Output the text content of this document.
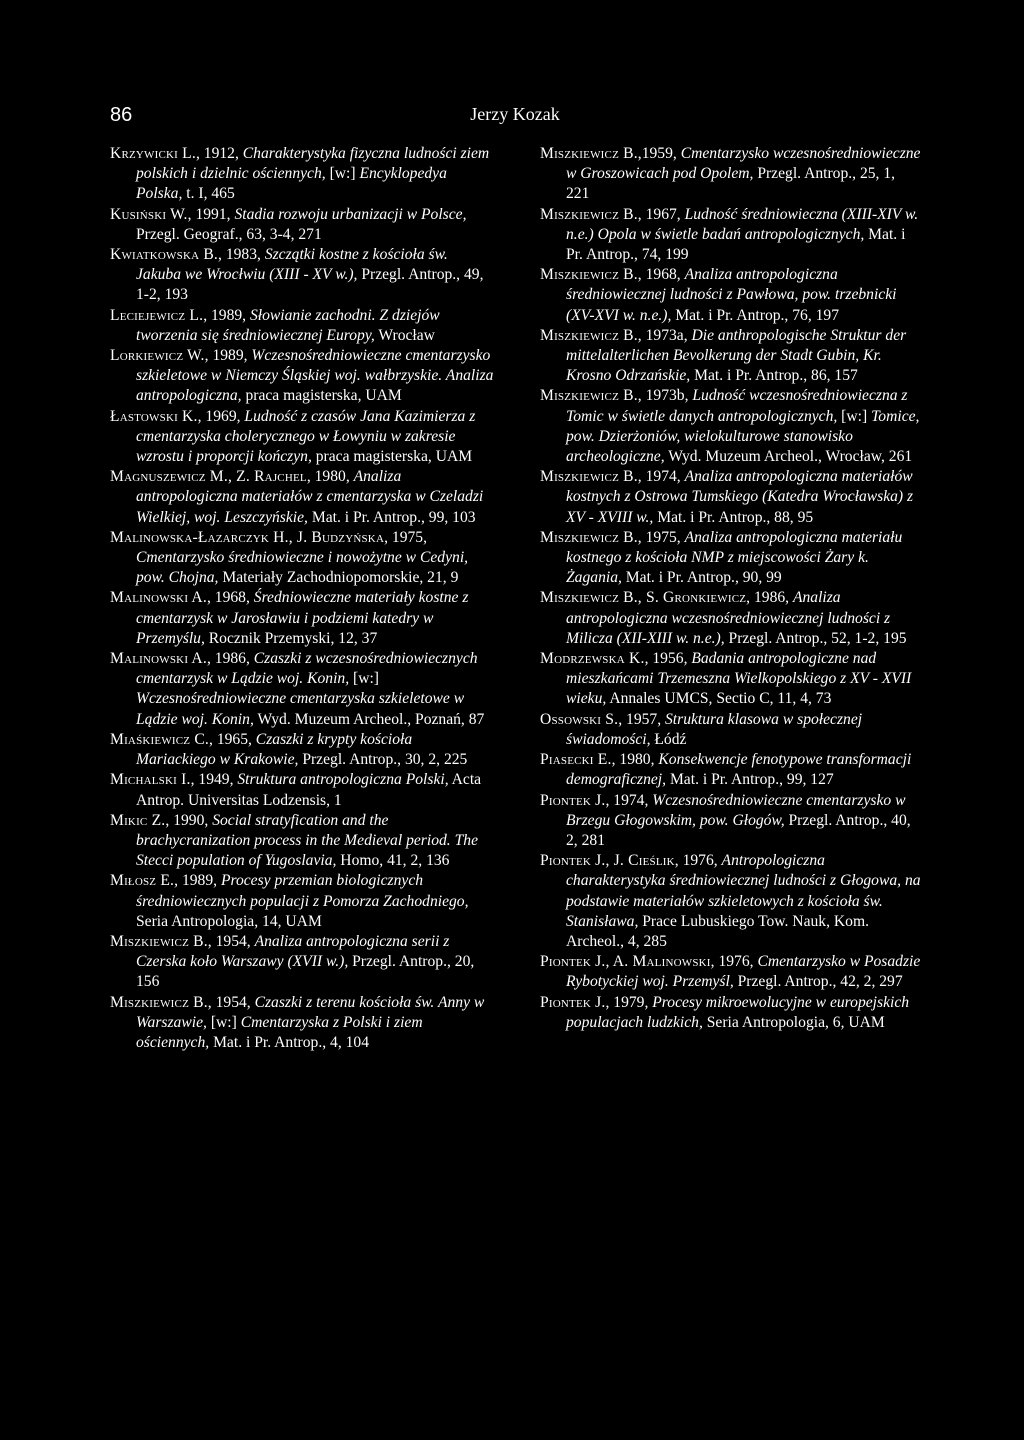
86	Jerzy Kozak

Krzywicki L., 1912, Charakterystyka fizyczna ludności ziem polskich i dzielnic ościennych, [w:] Encyklopedya Polska, t. I, 465

Kusiński W., 1991, Stadia rozwoju urbanizacji w Polsce, Przegl. Geograf., 63, 3-4, 271

Kwiatkowska B., 1983, Szczątki kostne z kościoła św. Jakuba we Wrocłwiu (XIII - XV w.), Przegl. Antrop., 49, 1-2, 193

Leciejewicz L., 1989, Słowianie zachodni. Z dziejów tworzenia się średniowiecznej Europy, Wrocław

Lorkiewicz W., 1989, Wczesnośredniowieczne cmentarzysko szkieletowe w Niemczy Śląskiej woj. wałbrzyskie. Analiza antropologiczna, praca magisterska, UAM

Łastowski K., 1969, Ludność z czasów Jana Kazimierza z cmentarzyska cholerycznego w Łowyniu w zakresie wzrostu i proporcji kończyn, praca magisterska, UAM

Magnuszewicz M., Z. Rajchel, 1980, Analiza antropologiczna materiałów z cmentarzyska w Czeladzi Wielkiej, woj. Leszczyńskie, Mat. i Pr. Antrop., 99, 103

Malinowska-Łazarczyk H., J. Budzyńska, 1975, Cmentarzysko średniowieczne i nowożytne w Cedyni, pow. Chojna, Materiały Zachodniopomorskie, 21, 9

Malinowski A., 1968, Średniowieczne materiały kostne z cmentarzysk w Jarosławiu i podziemi katedry w Przemyślu, Rocznik Przemyski, 12, 37

Malinowski A., 1986, Czaszki z wczesnośredniowiecznych cmentarzysk w Lądzie woj. Konin, [w:] Wczesnośredniowieczne cmentarzyska szkieletowe w Lądzie woj. Konin, Wyd. Muzeum Archeol., Poznań, 87

Miaśkiewicz C., 1965, Czaszki z krypty kościoła Mariackiego w Krakowie, Przegl. Antrop., 30, 2, 225

Michalski I., 1949, Struktura antropologiczna Polski, Acta Antrop. Universitas Lodzensis, 1

Mikic Z., 1990, Social stratyfication and the brachycranization process in the Medieval period. The Stecci population of Yugoslavia, Homo, 41, 2, 136

Miłosz E., 1989, Procesy przemian biologicznych średniowiecznych populacji z Pomorza Zachodniego, Seria Antropologia, 14, UAM

Miszkiewicz B., 1954, Analiza antropologiczna serii z Czerska koło Warszawy (XVII w.), Przegl. Antrop., 20, 156

Miszkiewicz B., 1954, Czaszki z terenu kościoła św. Anny w Warszawie, [w:] Cmentarzyska z Polski i ziem ościennych, Mat. i Pr. Antrop., 4, 104

Miszkiewicz B.,1959, Cmentarzysko wczesnośredniowieczne w Groszowicach pod Opolem, Przegl. Antrop., 25, 1, 221

Miszkiewicz B., 1967, Ludność średniowieczna (XIII-XIV w. n.e.) Opola w świetle badań antropologicznych, Mat. i Pr. Antrop., 74, 199

Miszkiewicz B., 1968, Analiza antropologiczna średniowiecznej ludności z Pawłowa, pow. trzebnicki (XV-XVI w. n.e.), Mat. i Pr. Antrop., 76, 197

Miszkiewicz B., 1973a, Die anthropologische Struktur der mittelalterlichen Bevolkerung der Stadt Gubin, Kr. Krosno Odrzańskie, Mat. i Pr. Antrop., 86, 157

Miszkiewicz B., 1973b, Ludność wczesnośredniowieczna z Tomic w świetle danych antropologicznych, [w:] Tomice, pow. Dzierżoniów, wielokulturowe stanowisko archeologiczne, Wyd. Muzeum Archeol., Wrocław, 261

Miszkiewicz B., 1974, Analiza antropologiczna materiałów kostnych z Ostrowa Tumskiego (Katedra Wrocławska) z XV - XVIII w., Mat. i Pr. Antrop., 88, 95

Miszkiewicz B., 1975, Analiza antropologiczna materiału kostnego z kościoła NMP z miejscowości Żary k. Żagania, Mat. i Pr. Antrop., 90, 99

Miszkiewicz B., S. Gronkiewicz, 1986, Analiza antropologiczna wczesnośredniowiecznej ludności z Milicza (XII-XIII w. n.e.), Przegl. Antrop., 52, 1-2, 195

Modrzewska K., 1956, Badania antropologiczne nad mieszkańcami Trzemeszna Wielkopolskiego z XV - XVII wieku, Annales UMCS, Sectio C, 11, 4, 73

Ossowski S., 1957, Struktura klasowa w społecznej świadomości, Łódź

Piasecki E., 1980, Konsekwencje fenotypowe transformacji demograficznej, Mat. i Pr. Antrop., 99, 127

Piontek J., 1974, Wczesnośredniowieczne cmentarzysko w Brzegu Głogowskim, pow. Głogów, Przegl. Antrop., 40, 2, 281

Piontek J., J. Cieślik, 1976, Antropologiczna charakterystyka średniowiecznej ludności z Głogowa, na podstawie materiałów szkieletowych z kościoła św. Stanisława, Prace Lubuskiego Tow. Nauk, Kom. Archeol., 4, 285

Piontek J., A. Malinowski, 1976, Cmentarzysko w Posadzie Rybotyckiej woj. Przemyśl, Przegl. Antrop., 42, 2, 297

Piontek J., 1979, Procesy mikroewolucyjne w europejskich populacjach ludzkich, Seria Antropologia, 6, UAM
